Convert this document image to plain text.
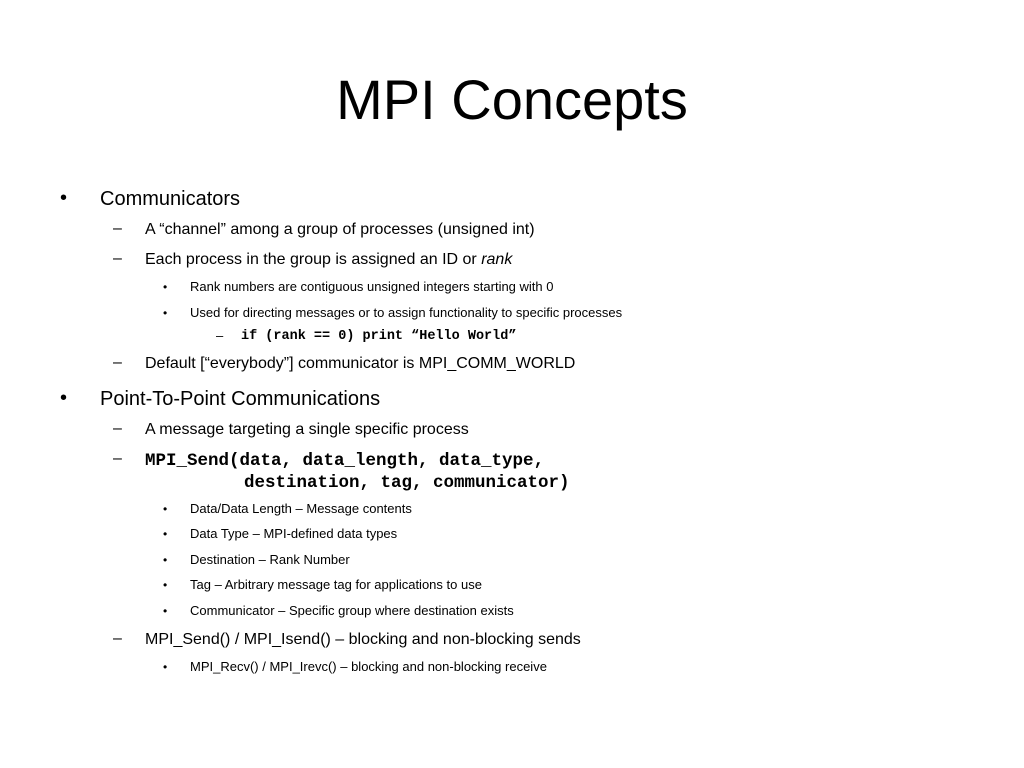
MPI Concepts
• Communicators
– A “channel” among a group of processes (unsigned int)
– Each process in the group is assigned an ID or rank
• Rank numbers are contiguous unsigned integers starting with 0
• Used for directing messages or to assign functionality to specific processes
– if (rank == 0) print “Hello World”
– Default [“everybody”] communicator is MPI_COMM_WORLD
• Point-To-Point Communications
– A message targeting a single specific process
– MPI_Send(data, data_length, data_type,
destination, tag, communicator)
• Data/Data Length – Message contents
• Data Type – MPI-defined data types
• Destination – Rank Number
• Tag – Arbitrary message tag for applications to use
• Communicator – Specific group where destination exists
– MPI_Send() / MPI_Isend() – blocking and non-blocking sends
• MPI_Recv() / MPI_Irevc() – blocking and non-blocking receive
